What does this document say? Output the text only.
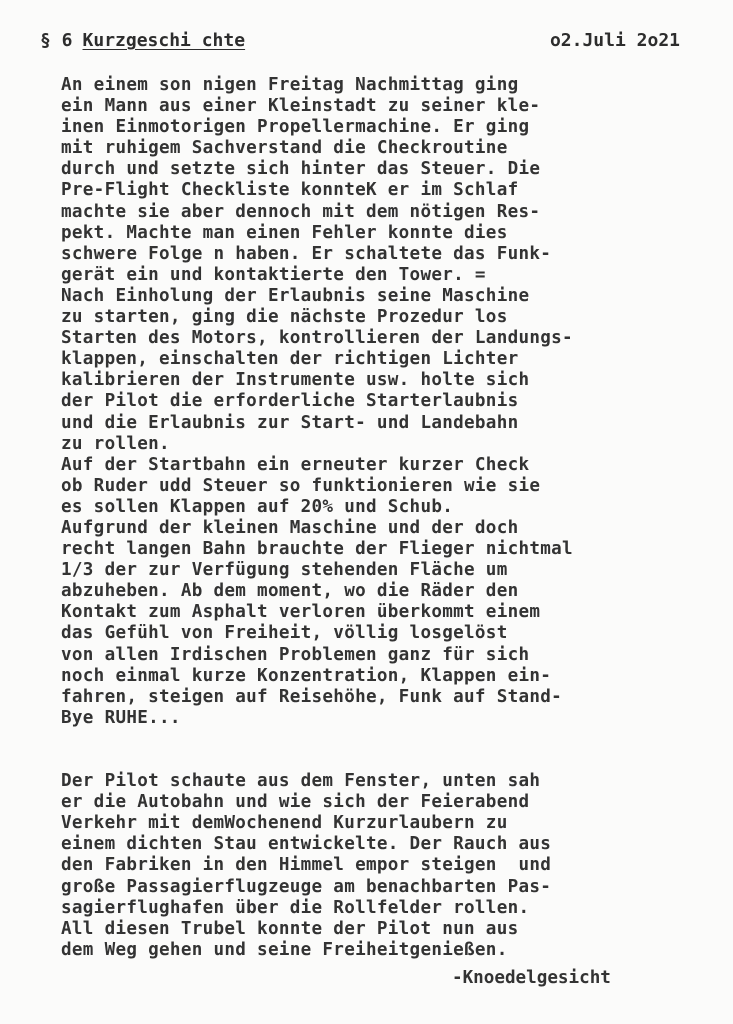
§ 6 Kurzgeschi chte	o2.Juli 2o21
An einem son nigen Freitag Nachmittag ging
ein Mann aus einer Kleinstadt zu seiner kle-
inen Einmotorigen Propellermachine. Er ging
mit ruhigem Sachverstand die Checkroutine
durch und setzte sich hinter das Steuer. Die
Pre-Flight Checkliste konnteK er im Schlaf
machte sie aber dennoch mit dem nötigen Res-
pekt. Machte man einen Fehler konnte dies
schwere Folge n haben. Er schaltete das Funk-
gerät ein und kontaktierte den Tower. =
Nach Einholung der Erlaubnis seine Maschine
zu starten, ging die nächste Prozedur los
Starten des Motors, kontrollieren der Landungs-
klappen, einschalten der richtigen Lichter
kalibrieren der Instrumente usw. holte sich
der Pilot die erforderliche Starterlaubnis
und die Erlaubnis zur Start- und Landebahn
zu rollen.
Auf der Startbahn ein erneuter kurzer Check
ob Ruder udd Steuer so funktionieren wie sie
es sollen Klappen auf 20% und Schub.
Aufgrund der kleinen Maschine und der doch
recht langen Bahn brauchte der Flieger nichtmal
1/3 der zur Verfügung stehenden Fläche um
abzuheben. Ab dem moment, wo die Räder den
Kontakt zum Asphalt verloren überkommt einem
das Gefühl von Freiheit, völlig losgelöst
von allen Irdischen Problemen ganz für sich
noch einmal kurze Konzentration, Klappen ein-
fahren, steigen auf Reisehöhe, Funk auf Stand-
Bye RUHE...
Der Pilot schaute aus dem Fenster, unten sah
er die Autobahn und wie sich der Feierabend
Verkehr mit demWochenend Kurzurlaubern zu
einem dichten Stau entwickelte. Der Rauch aus
den Fabriken in den Himmel empor steigen  und
große Passagierflugzeuge am benachbarten Pas-
sagierflughafen über die Rollfelder rollen.
All diesen Trubel konnte der Pilot nun aus
dem Weg gehen und seine Freiheitgenießen.
-Knoedelgesicht
